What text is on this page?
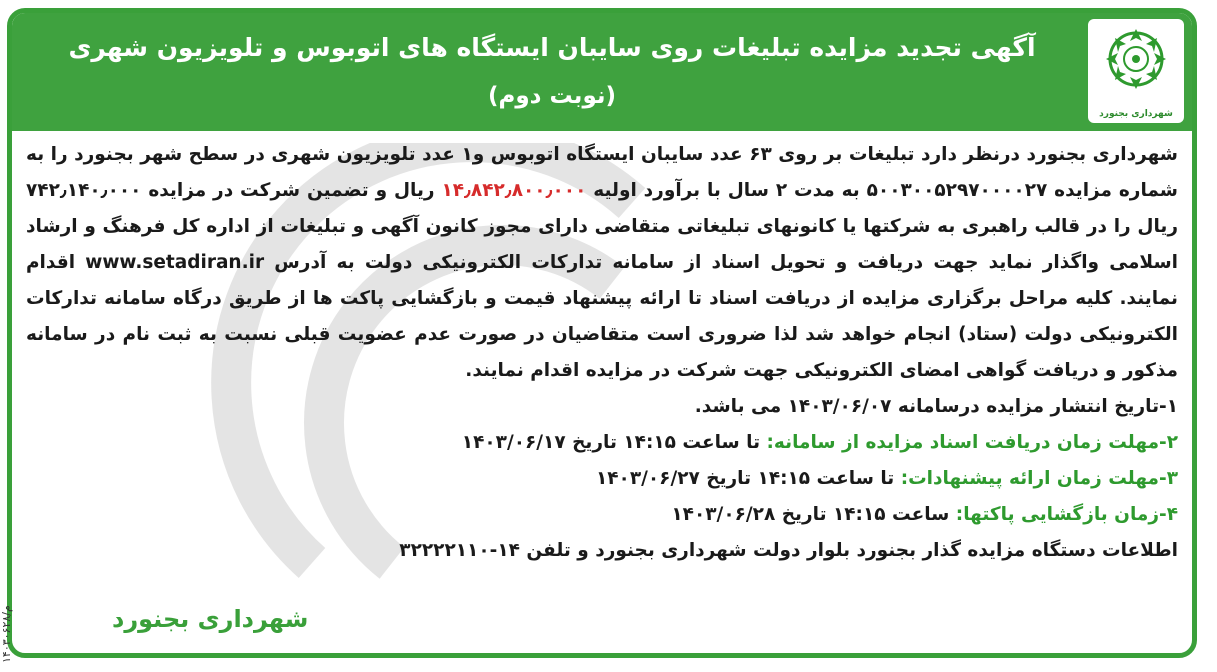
شهرداری بجنورد
آگهی تجدید مزایده تبلیغات روی سایبان ایستگاه های اتوبوس و تلویزیون شهری
(نوبت دوم)

شهرداری بجنورد درنظر دارد تبلیغات بر روی ۶۳ عدد سایبان ایستگاه اتوبوس و۱ عدد تلویزیون شهری در سطح شهر بجنورد را به شماره مزایده ۵۰۰۳۰۰۵۲۹۷۰۰۰۰۲۷ به مدت ۲ سال با برآورد اولیه ۱۴٫۸۴۲٫۸۰۰٫۰۰۰ ریال و تضمین شرکت در مزایده ۷۴۲٫۱۴۰٫۰۰۰ ریال را در قالب راهبری به شرکتها یا کانونهای تبلیغاتی متقاضی دارای مجوز کانون آگهی و تبلیغات از اداره کل فرهنگ و ارشاد اسلامی واگذار نماید جهت دریافت و تحویل اسناد از سامانه تدارکات الکترونیکی دولت به آدرس www.setadiran.ir اقدام نمایند. کلیه مراحل برگزاری مزایده از دریافت اسناد تا ارائه پیشنهاد قیمت و بازگشایی پاکت ها از طریق درگاه سامانه تدارکات الکترونیکی دولت (ستاد) انجام خواهد شد لذا ضروری است متقاضیان در صورت عدم عضویت قبلی نسبت به ثبت نام در سامانه مذکور و دریافت گواهی امضای الکترونیکی جهت شرکت در مزایده اقدام نمایند.

۱-تاریخ انتشار مزایده درسامانه ۱۴۰۳/۰۶/۰۷ می باشد.

۲-مهلت زمان دریافت اسناد مزایده از سامانه: تا ساعت ۱۴:۱۵ تاریخ ۱۴۰۳/۰۶/۱۷

۳-مهلت زمان ارائه پیشنهادات: تا ساعت ۱۴:۱۵ تاریخ ۱۴۰۳/۰۶/۲۷

۴-زمان بازگشایی پاکتها: ساعت ۱۴:۱۵ تاریخ ۱۴۰۳/۰۶/۲۸

اطلاعات دستگاه مزایده گذار بجنورد بلوار دولت شهرداری بجنورد و تلفن ۱۴-۳۲۲۲۲۱۱۰

شهرداری بجنورد
م/۱۴۰۳۰۶۲۸
